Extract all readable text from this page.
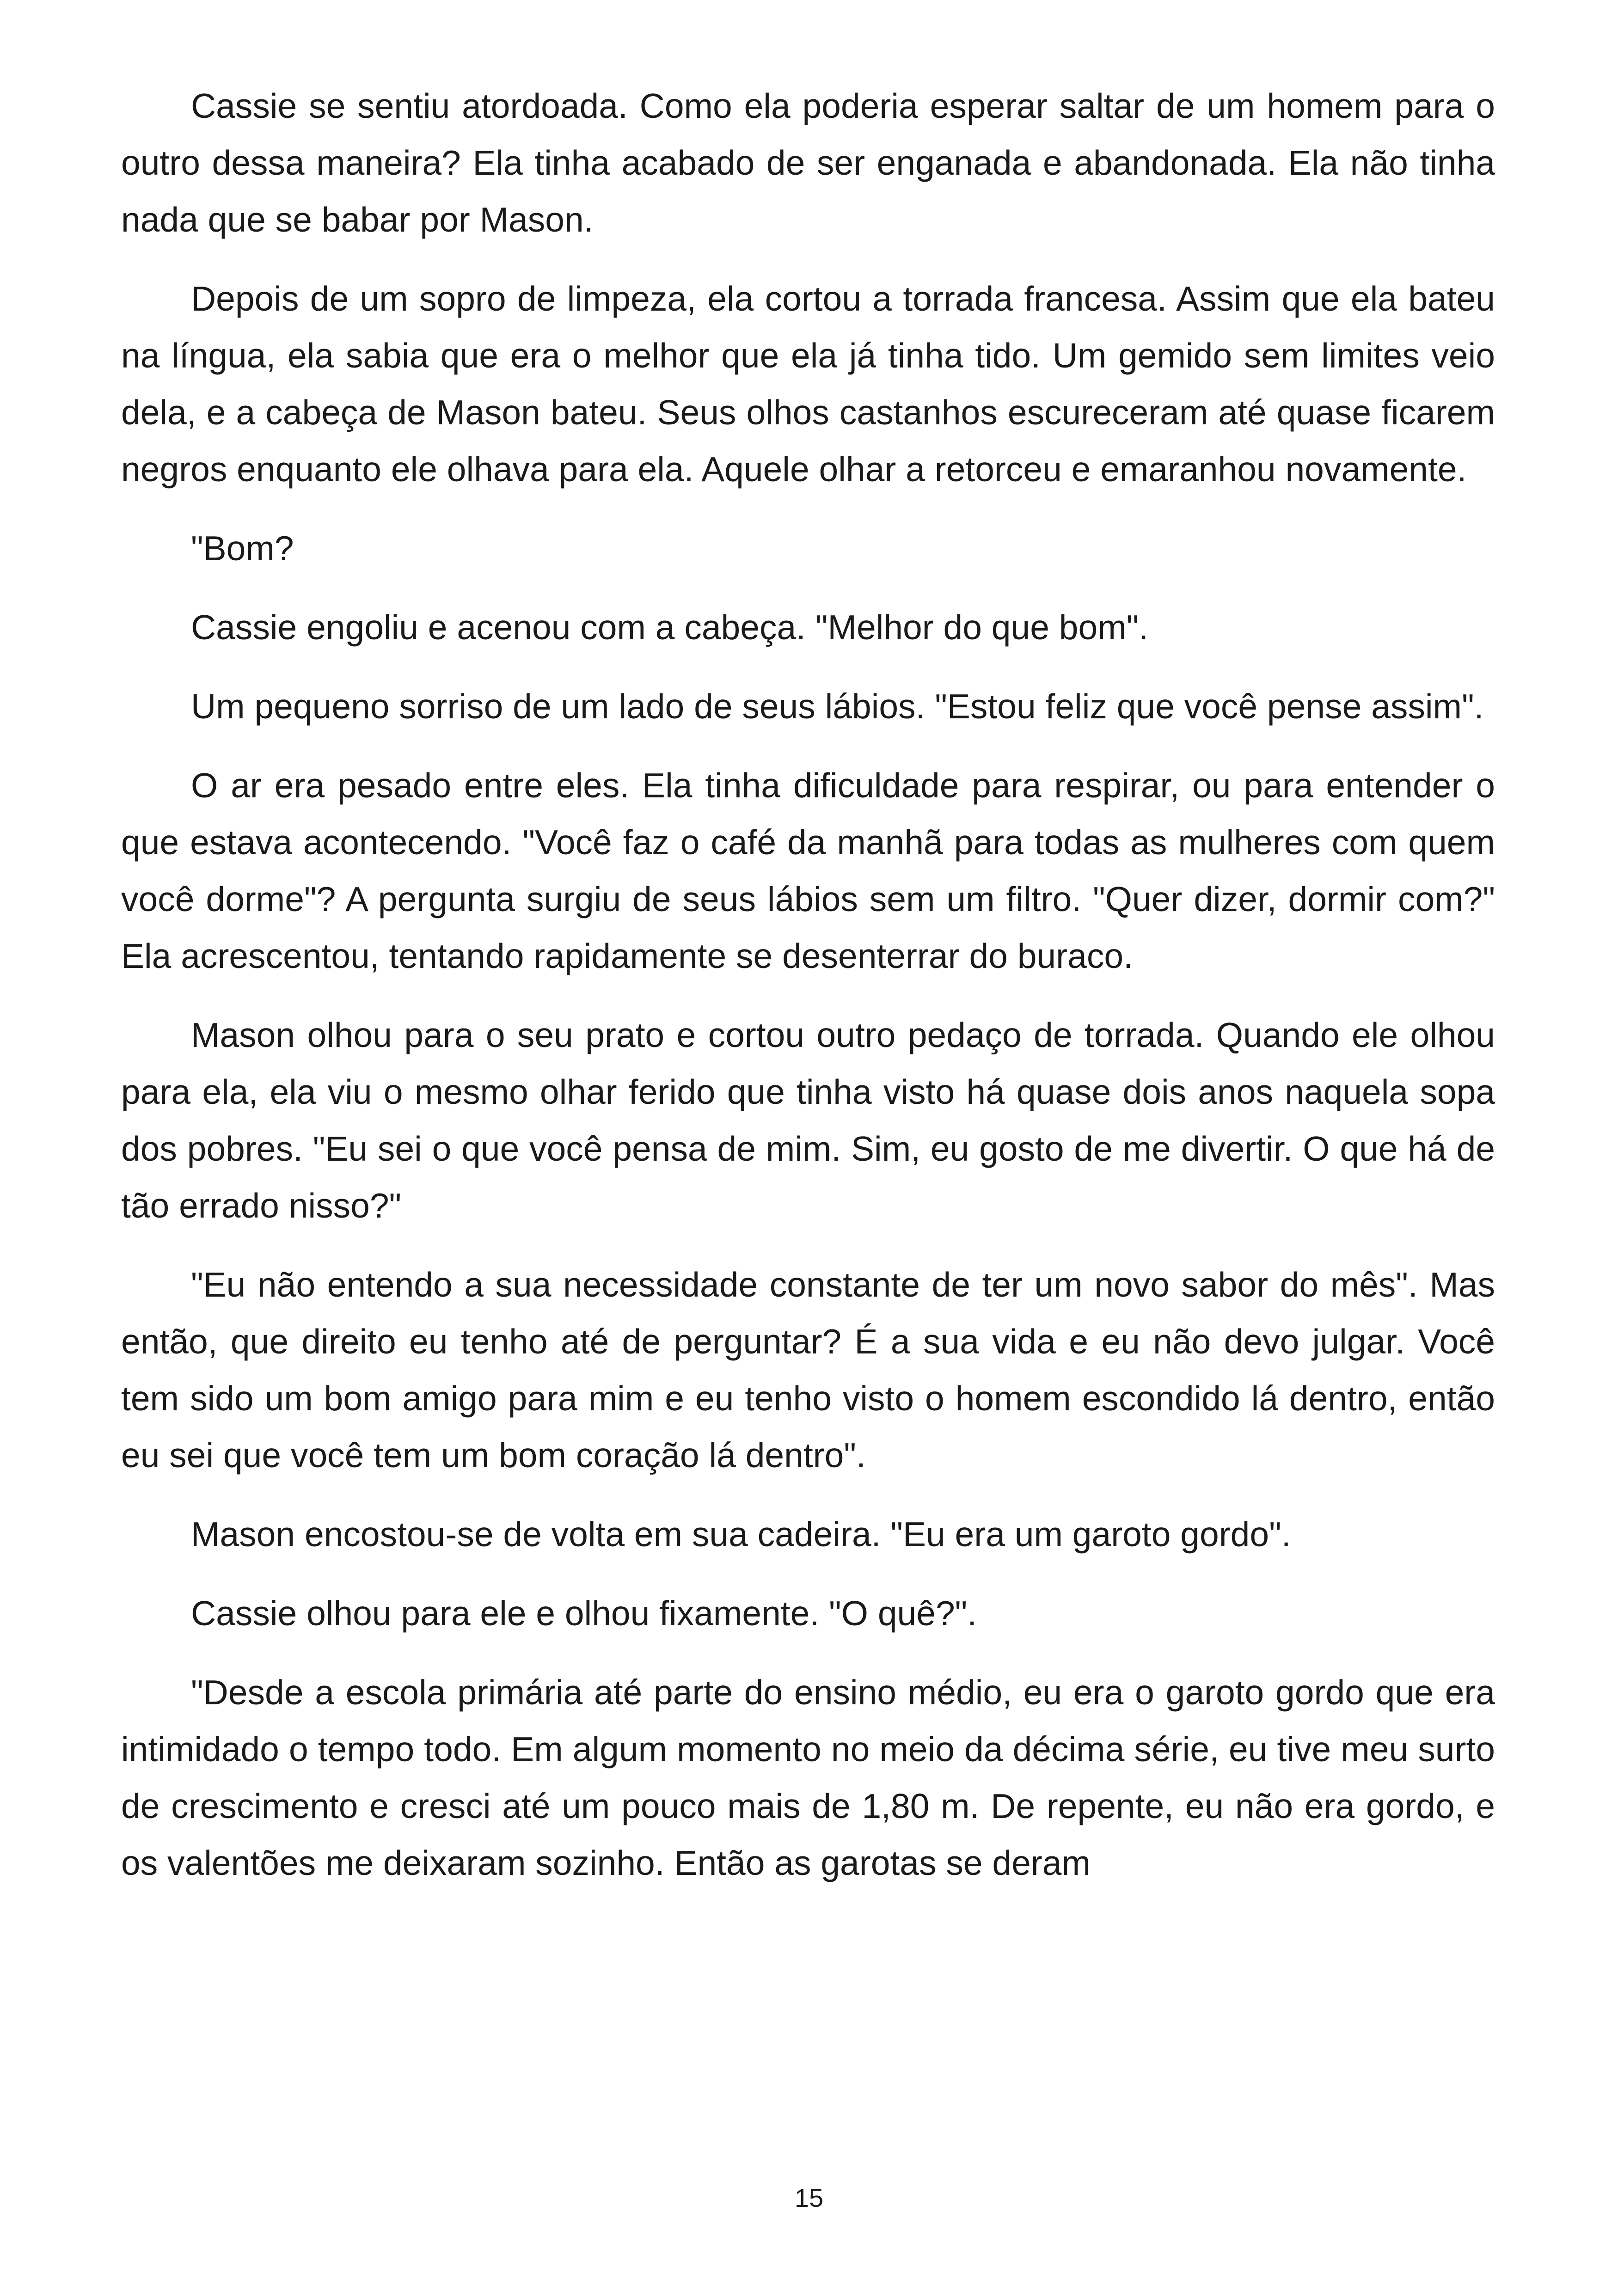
Cassie se sentiu atordoada. Como ela poderia esperar saltar de um homem para o outro dessa maneira? Ela tinha acabado de ser enganada e abandonada. Ela não tinha nada que se babar por Mason.

Depois de um sopro de limpeza, ela cortou a torrada francesa. Assim que ela bateu na língua, ela sabia que era o melhor que ela já tinha tido. Um gemido sem limites veio dela, e a cabeça de Mason bateu. Seus olhos castanhos escureceram até quase ficarem negros enquanto ele olhava para ela. Aquele olhar a retorceu e emaranhou novamente.

"Bom?

Cassie engoliu e acenou com a cabeça. "Melhor do que bom".

Um pequeno sorriso de um lado de seus lábios. "Estou feliz que você pense assim".

O ar era pesado entre eles. Ela tinha dificuldade para respirar, ou para entender o que estava acontecendo. "Você faz o café da manhã para todas as mulheres com quem você dorme"? A pergunta surgiu de seus lábios sem um filtro. "Quer dizer, dormir com?" Ela acrescentou, tentando rapidamente se desenterrar do buraco.

Mason olhou para o seu prato e cortou outro pedaço de torrada. Quando ele olhou para ela, ela viu o mesmo olhar ferido que tinha visto há quase dois anos naquela sopa dos pobres. "Eu sei o que você pensa de mim. Sim, eu gosto de me divertir. O que há de tão errado nisso?"

"Eu não entendo a sua necessidade constante de ter um novo sabor do mês". Mas então, que direito eu tenho até de perguntar? É a sua vida e eu não devo julgar. Você tem sido um bom amigo para mim e eu tenho visto o homem escondido lá dentro, então eu sei que você tem um bom coração lá dentro".

Mason encostou-se de volta em sua cadeira. "Eu era um garoto gordo".

Cassie olhou para ele e olhou fixamente. "O quê?".

"Desde a escola primária até parte do ensino médio, eu era o garoto gordo que era intimidado o tempo todo. Em algum momento no meio da décima série, eu tive meu surto de crescimento e cresci até um pouco mais de 1,80 m. De repente, eu não era gordo, e os valentões me deixaram sozinho. Então as garotas se deram

15
